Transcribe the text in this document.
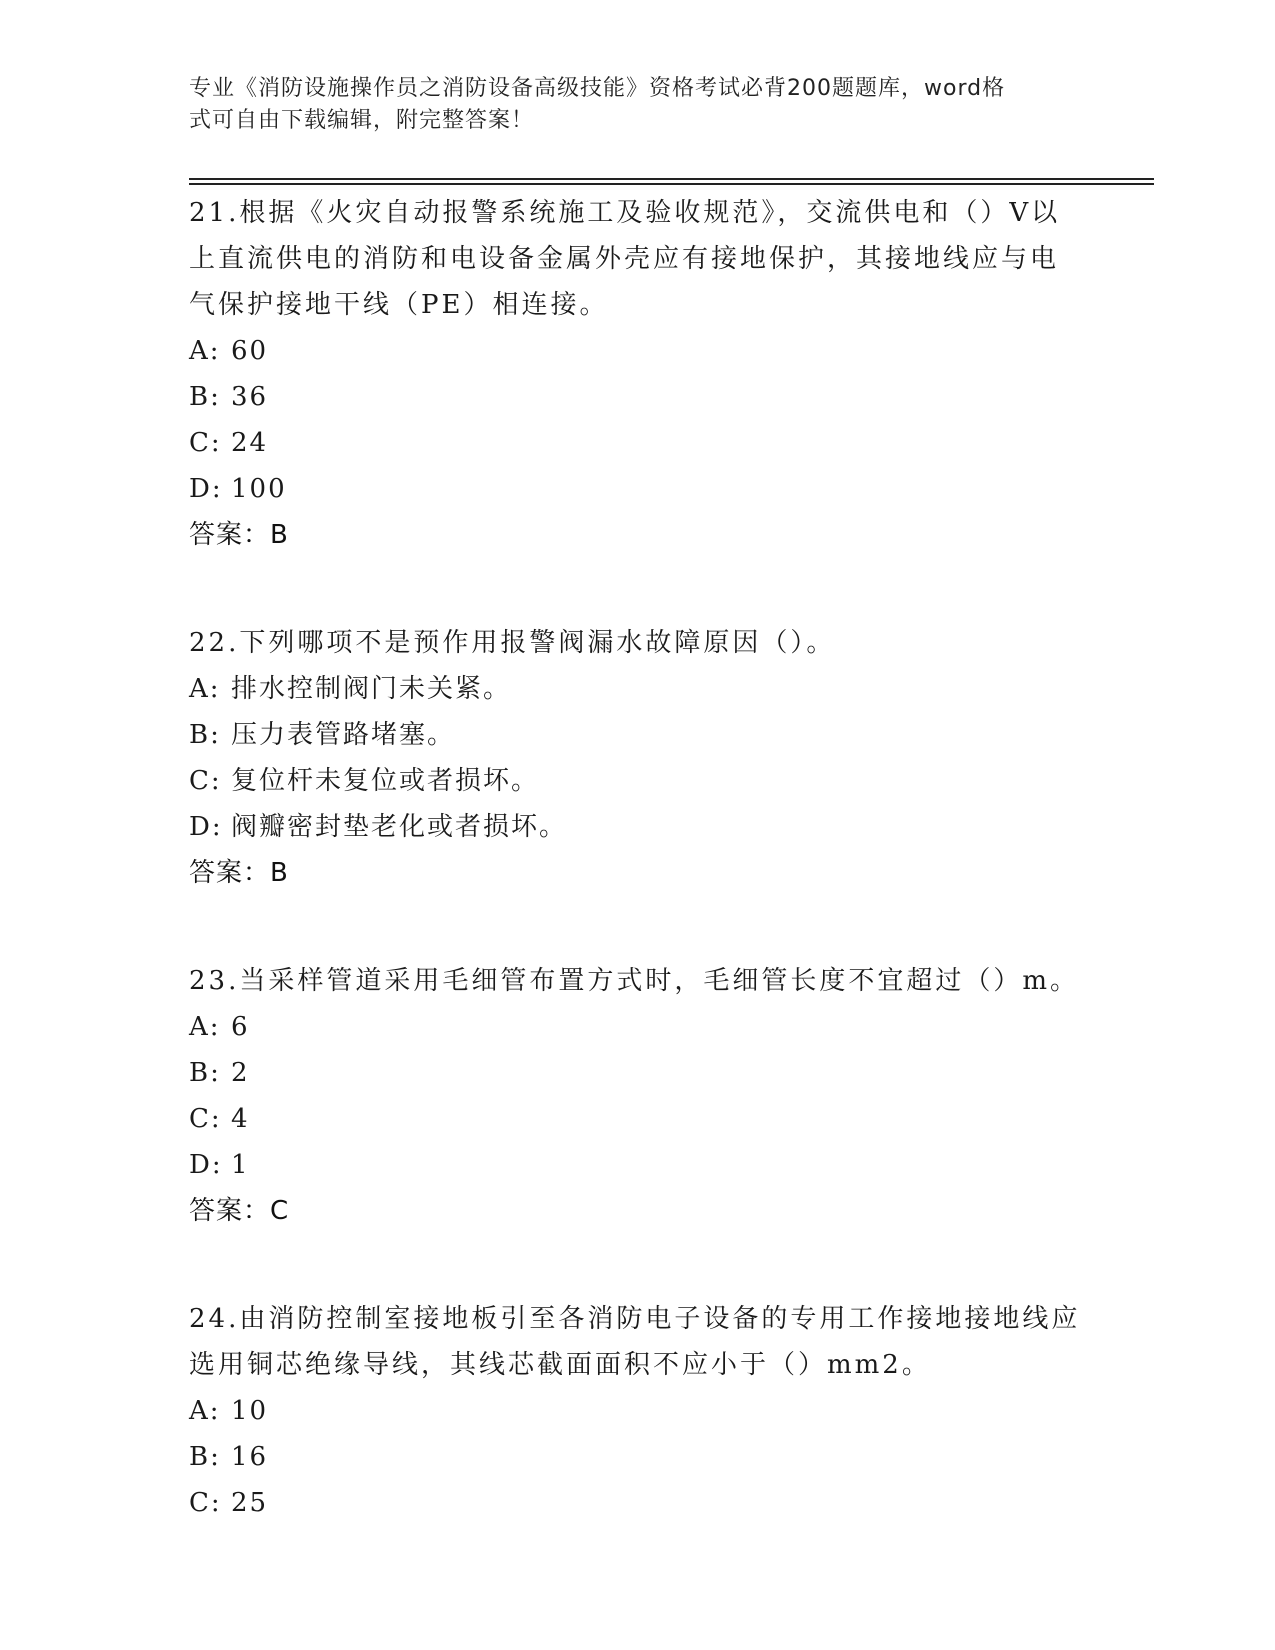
专业《消防设施操作员之消防设备高级技能》资格考试必背200题题库，word格
式可自由下载编辑，附完整答案！
21.根据《火灾自动报警系统施工及验收规范》，交流供电和（）V以
上直流供电的消防和电设备金属外壳应有接地保护，其接地线应与电
气保护接地干线（PE）相连接。
A: 60
B: 36
C: 24
D: 100
答案：B
22.下列哪项不是预作用报警阀漏水故障原因（）。
A: 排水控制阀门未关紧。
B: 压力表管路堵塞。
C: 复位杆未复位或者损坏。
D: 阀瓣密封垫老化或者损坏。
答案：B
23.当采样管道采用毛细管布置方式时，毛细管长度不宜超过（）m。
A: 6
B: 2
C: 4
D: 1
答案：C
24.由消防控制室接地板引至各消防电子设备的专用工作接地接地线应
选用铜芯绝缘导线，其线芯截面面积不应小于（）mm2。
A: 10
B: 16
C: 25
